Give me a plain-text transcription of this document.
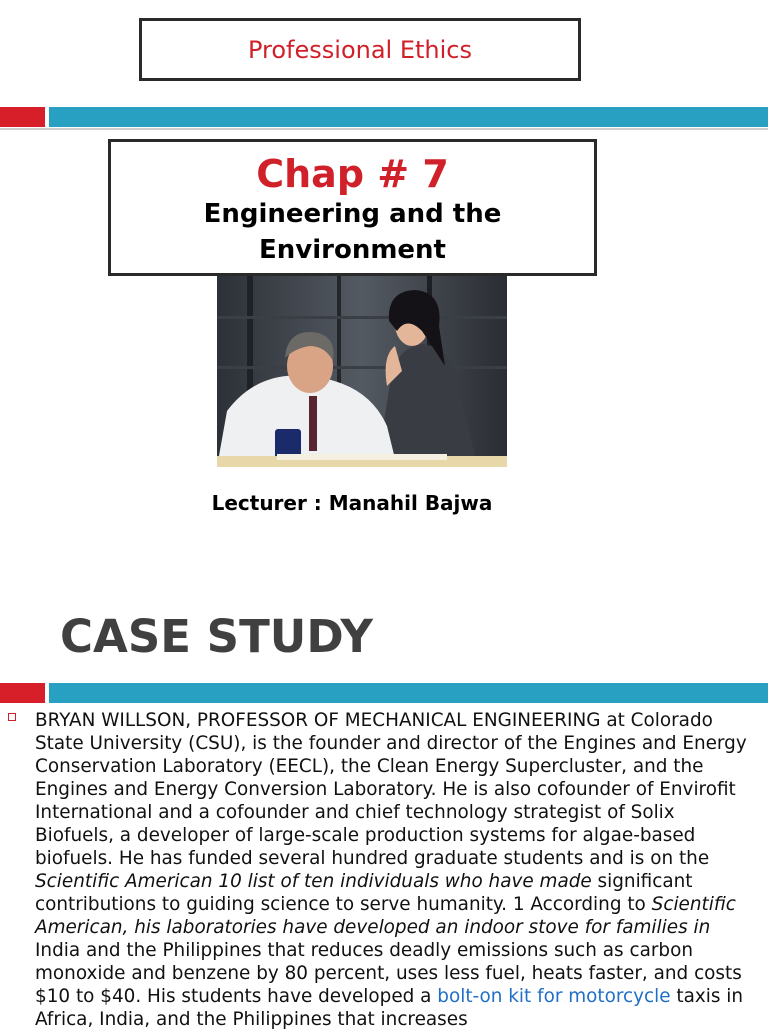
Professional Ethics
Chap # 7
Engineering and the
Environment
Lecturer : Manahil Bajwa
CASE STUDY
BRYAN WILLSON, PROFESSOR OF MECHANICAL ENGINEERING at Colorado State University (CSU), is the founder and director of the Engines and Energy Conservation Laboratory (EECL), the Clean Energy Supercluster, and the Engines and Energy Conversion Laboratory. He is also cofounder of Envirofit International and a cofounder and chief technology strategist of Solix Biofuels, a developer of large-scale production systems for algae-based biofuels. He has funded several hundred graduate students and is on the Scientific American 10 list of ten individuals who have made significant contributions to guiding science to serve humanity. 1 According to Scientific American, his laboratories have developed an indoor stove for families in India and the Philippines that reduces deadly emissions such as carbon monoxide and benzene by 80 percent, uses less fuel, heats faster, and costs $10 to $40. His students have developed a bolt-on kit for motorcycle taxis in Africa, India, and the Philippines that increases
